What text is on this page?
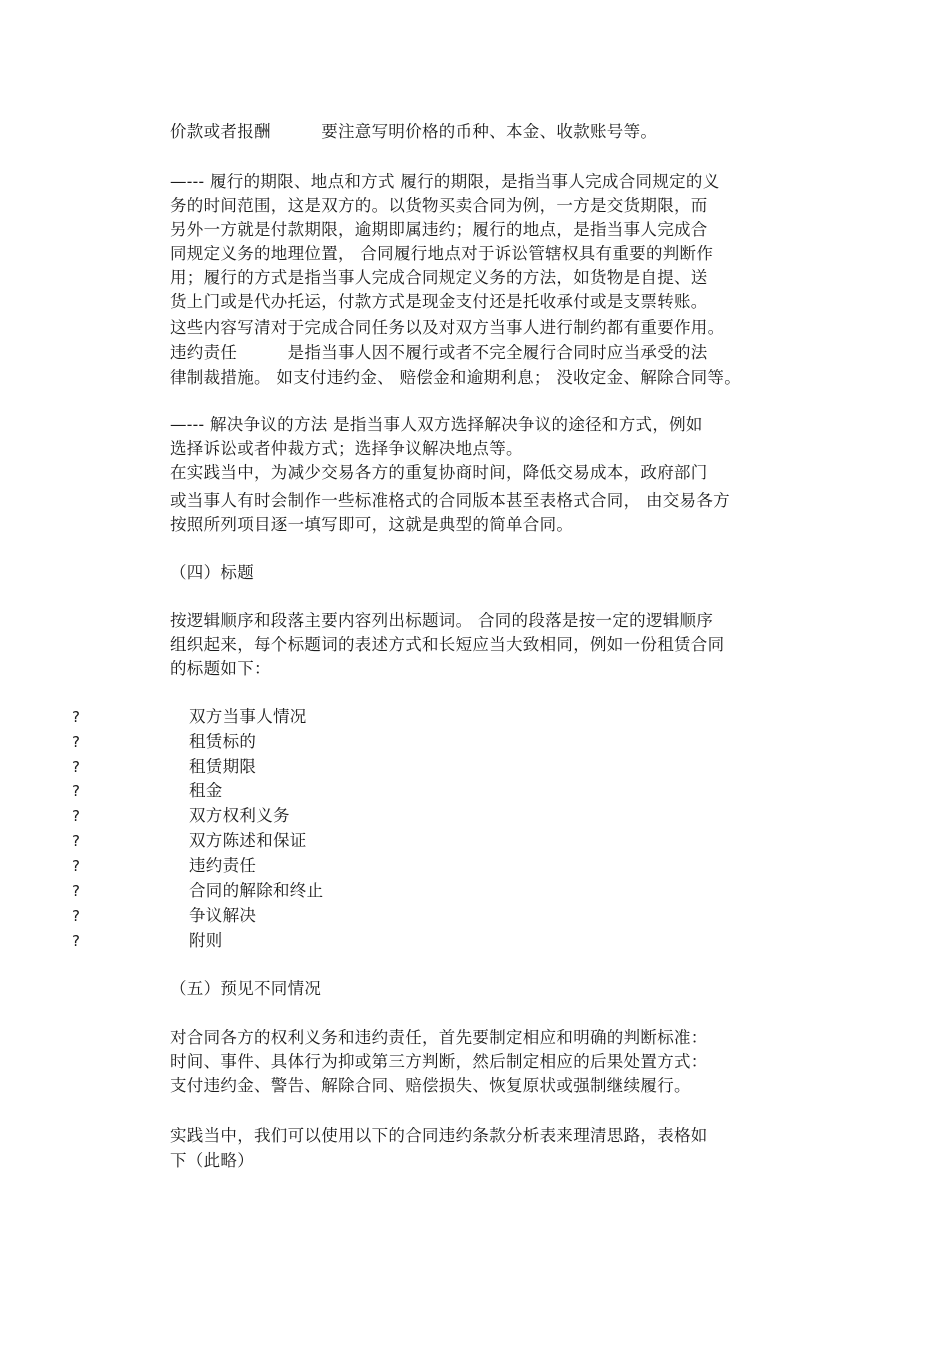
价款或者报酬　　　要注意写明价格的币种、本金、收款账号等。
—--- 履行的期限、地点和方式 履行的期限，是指当事人完成合同规定的义
务的时间范围，这是双方的。以货物买卖合同为例，一方是交货期限，而
另外一方就是付款期限，逾期即属违约；履行的地点，是指当事人完成合
同规定义务的地理位置， 合同履行地点对于诉讼管辖权具有重要的判断作
用；履行的方式是指当事人完成合同规定义务的方法，如货物是自提、送
货上门或是代办托运，付款方式是现金支付还是托收承付或是支票转账。
这些内容写清对于完成合同任务以及对双方当事人进行制约都有重要作用。
违约责任　　　是指当事人因不履行或者不完全履行合同时应当承受的法
律制裁措施。 如支付违约金、 赔偿金和逾期利息； 没收定金、解除合同等。
—--- 解决争议的方法 是指当事人双方选择解决争议的途径和方式，例如
选择诉讼或者仲裁方式；选择争议解决地点等。
在实践当中，为减少交易各方的重复协商时间，降低交易成本，政府部门
或当事人有时会制作一些标准格式的合同版本甚至表格式合同， 由交易各方
按照所列项目逐一填写即可，这就是典型的简单合同。
（四）标题
按逻辑顺序和段落主要内容列出标题词。 合同的段落是按一定的逻辑顺序
组织起来，每个标题词的表述方式和长短应当大致相同，例如一份租赁合同
的标题如下：
?	双方当事人情况
?	租赁标的
?	租赁期限
?	租金
?	双方权利义务
?	双方陈述和保证
?	违约责任
?	合同的解除和终止
?	争议解决
?	附则
（五）预见不同情况
对合同各方的权利义务和违约责任，首先要制定相应和明确的判断标准：
时间、事件、具体行为抑或第三方判断，然后制定相应的后果处置方式：
支付违约金、警告、解除合同、赔偿损失、恢复原状或强制继续履行。
实践当中，我们可以使用以下的合同违约条款分析表来理清思路，表格如
下（此略）
